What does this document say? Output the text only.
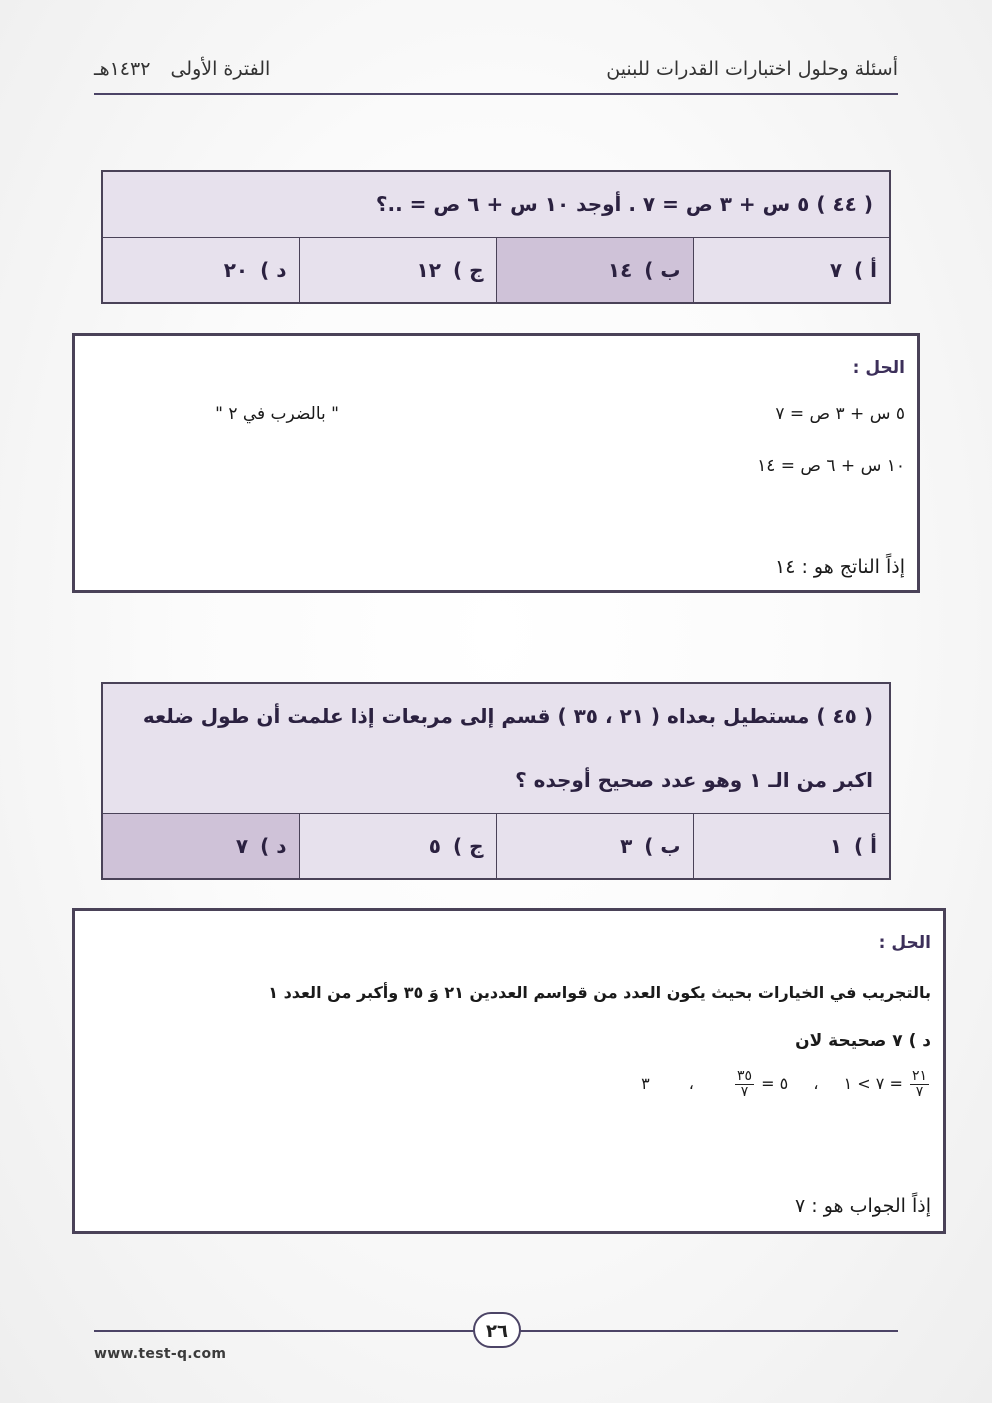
أسئلة وحلول اختبارات القدرات للبنين
الفترة الأولى ١٤٣٢هـ
( ٤٤ ) ٥ س + ٣ ص = ٧ . أوجد ١٠ س + ٦ ص = ..؟
أ )٧	ب )١٤	ج )١٢	د )٢٠
الحل :
٥ س + ٣ ص = ٧
" بالضرب في ٢ "
١٠ س + ٦ ص = ١٤
إذاً الناتج هو : ١٤
( ٤٥ ) مستطيل بعداه ( ٢١ ، ٣٥ ) قسم إلى مربعات إذا علمت أن طول ضلعه
اكبر من الـ ١ وهو عدد صحيح أوجده ؟

أ )١	ب )٣	ج )٥	د )٧
الحل :
بالتجريب في الخيارات بحيث يكون العدد من قواسم العددين ٢١ وَ ٣٥ وأكبر من العدد ١
د ) ٧ صحيحة لان
٧ > ١ ، ٥ =
$\frac{٣٥}{٧}$
، ٣	= $\frac{٢١}{٧}$
إذاً الجواب هو : ٧
٢٦
www.test-q.com
